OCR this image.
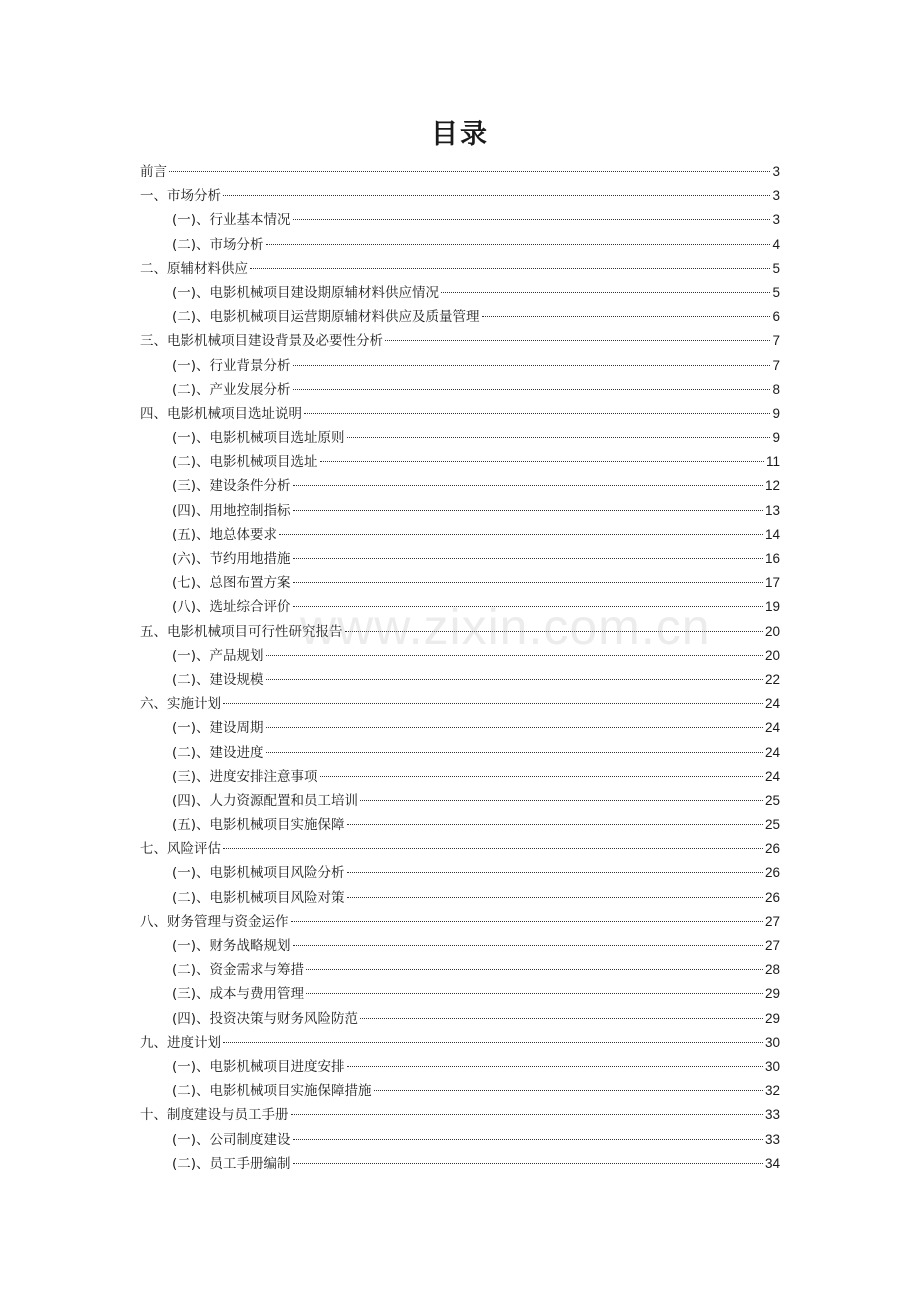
目录
前言	3
一、市场分析	3
(一)、行业基本情况	3
(二)、市场分析	4
二、原辅材料供应	5
(一)、电影机械项目建设期原辅材料供应情况	5
(二)、电影机械项目运营期原辅材料供应及质量管理	6
三、电影机械项目建设背景及必要性分析	7
(一)、行业背景分析	7
(二)、产业发展分析	8
四、电影机械项目选址说明	9
(一)、电影机械项目选址原则	9
(二)、电影机械项目选址	11
(三)、建设条件分析	12
(四)、用地控制指标	13
(五)、地总体要求	14
(六)、节约用地措施	16
(七)、总图布置方案	17
(八)、选址综合评价	19
五、电影机械项目可行性研究报告	20
(一)、产品规划	20
(二)、建设规模	22
六、实施计划	24
(一)、建设周期	24
(二)、建设进度	24
(三)、进度安排注意事项	24
(四)、人力资源配置和员工培训	25
(五)、电影机械项目实施保障	25
七、风险评估	26
(一)、电影机械项目风险分析	26
(二)、电影机械项目风险对策	26
八、财务管理与资金运作	27
(一)、财务战略规划	27
(二)、资金需求与筹措	28
(三)、成本与费用管理	29
(四)、投资决策与财务风险防范	29
九、进度计划	30
(一)、电影机械项目进度安排	30
(二)、电影机械项目实施保障措施	32
十、制度建设与员工手册	33
(一)、公司制度建设	33
(二)、员工手册编制	34
www.zixin.com.cn
